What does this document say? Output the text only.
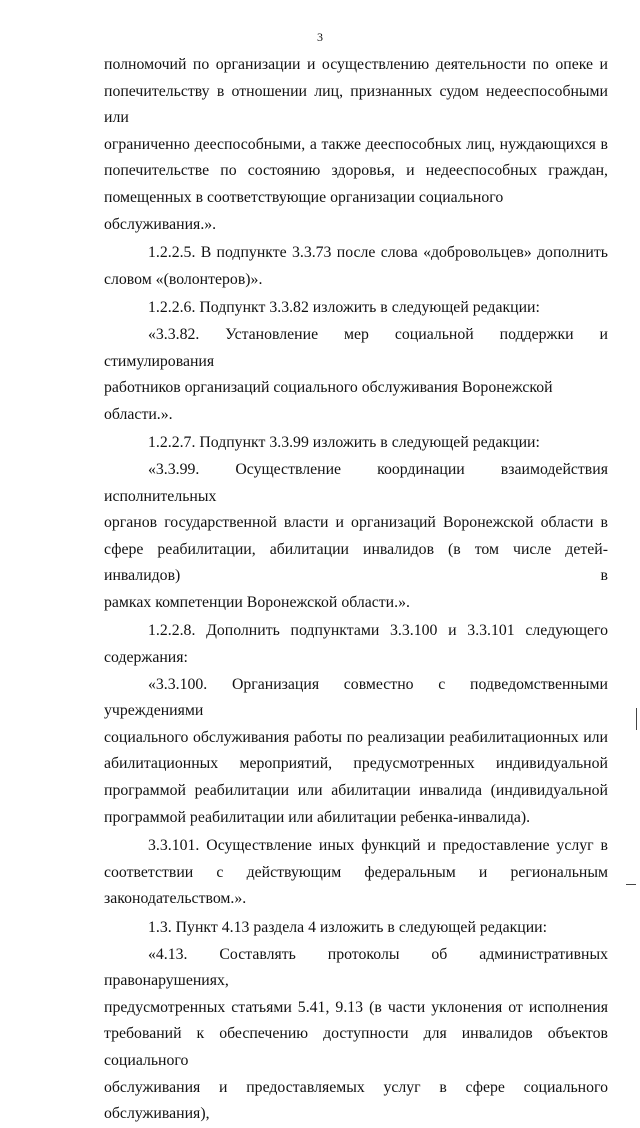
3

полномочий по организации и осуществлению деятельности по опеке и

попечительству в отношении лиц, признанных судом недееспособными или

ограниченно дееспособными, а также дееспособных лиц, нуждающихся в

попечительстве по состоянию здоровья, и недееспособных граждан,

помещенных в соответствующие организации социального обслуживания.».

1.2.2.5. В подпункте 3.3.73 после слова «добровольцев» дополнить

словом «(волонтеров)».

1.2.2.6. Подпункт 3.3.82 изложить в следующей редакции:

«3.3.82. Установление мер социальной поддержки и стимулирования

работников организаций социального обслуживания Воронежской области.».

1.2.2.7. Подпункт 3.3.99 изложить в следующей редакции:

«3.3.99. Осуществление координации взаимодействия исполнительных

органов государственной власти и организаций Воронежской области в

сфере реабилитации, абилитации инвалидов (в том числе детей-инвалидов) в

рамках компетенции Воронежской области.».

1.2.2.8. Дополнить подпунктами 3.3.100 и 3.3.101 следующего

содержания:

«3.3.100. Организация совместно с подведомственными учреждениями

социального обслуживания работы по реализации реабилитационных или

абилитационных мероприятий, предусмотренных индивидуальной

программой реабилитации или абилитации инвалида (индивидуальной

программой реабилитации или абилитации ребенка-инвалида).

3.3.101. Осуществление иных функций и предоставление услуг в

соответствии с действующим федеральным и региональным

законодательством.».

1.3. Пункт 4.13 раздела 4 изложить в следующей редакции:

«4.13. Составлять протоколы об административных правонарушениях,

предусмотренных статьями 5.41, 9.13 (в части уклонения от исполнения

требований к обеспечению доступности для инвалидов объектов социального

обслуживания и предоставляемых услуг в сфере социального обслуживания),
